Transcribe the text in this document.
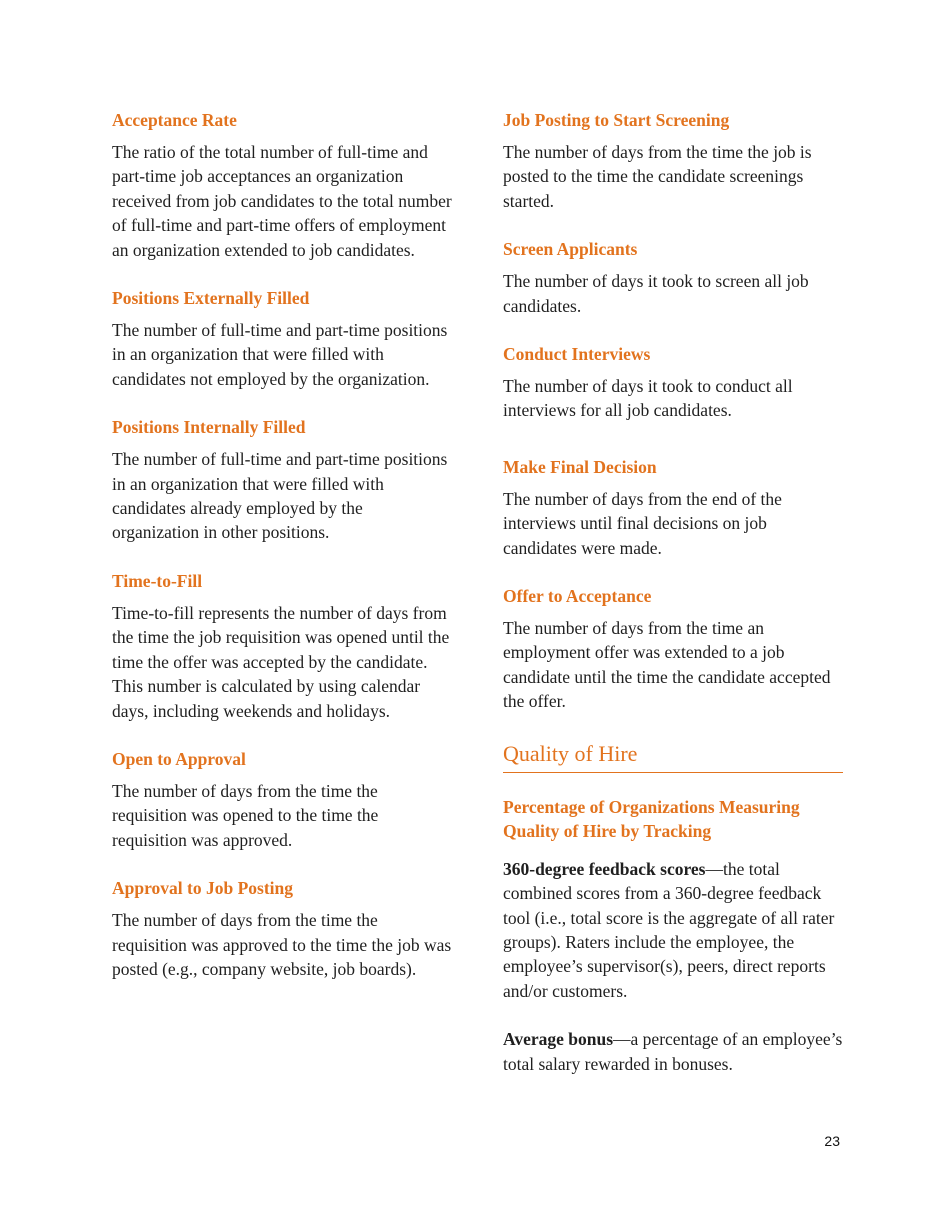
Acceptance Rate
The ratio of the total number of full-time and part-time job acceptances an organization received from job candidates to the total number of full-time and part-time offers of employment an organization extended to job candidates.
Positions Externally Filled
The number of full-time and part-time positions in an organization that were filled with candidates not employed by the organization.
Positions Internally Filled
The number of full-time and part-time positions in an organization that were filled with candidates already employed by the organization in other positions.
Time-to-Fill
Time-to-fill represents the number of days from the time the job requisition was opened until the time the offer was accepted by the candidate. This number is calculated by using calendar days, including weekends and holidays.
Open to Approval
The number of days from the time the requisition was opened to the time the requisition was approved.
Approval to Job Posting
The number of days from the time the requisition was approved to the time the job was posted (e.g., company website, job boards).
Job Posting to Start Screening
The number of days from the time the job is posted to the time the candidate screenings started.
Screen Applicants
The number of days it took to screen all job candidates.
Conduct Interviews
The number of days it took to conduct all interviews for all job candidates.
Make Final Decision
The number of days from the end of the interviews until final decisions on job candidates were made.
Offer to Acceptance
The number of days from the time an employment offer was extended to a job candidate until the time the candidate accepted the offer.
Quality of Hire
Percentage of Organizations Measuring Quality of Hire by Tracking
360-degree feedback scores—the total combined scores from a 360-degree feedback tool (i.e., total score is the aggregate of all rater groups). Raters include the employee, the employee’s supervisor(s), peers, direct reports and/or customers.
Average bonus—a percentage of an employee’s total salary rewarded in bonuses.
23
